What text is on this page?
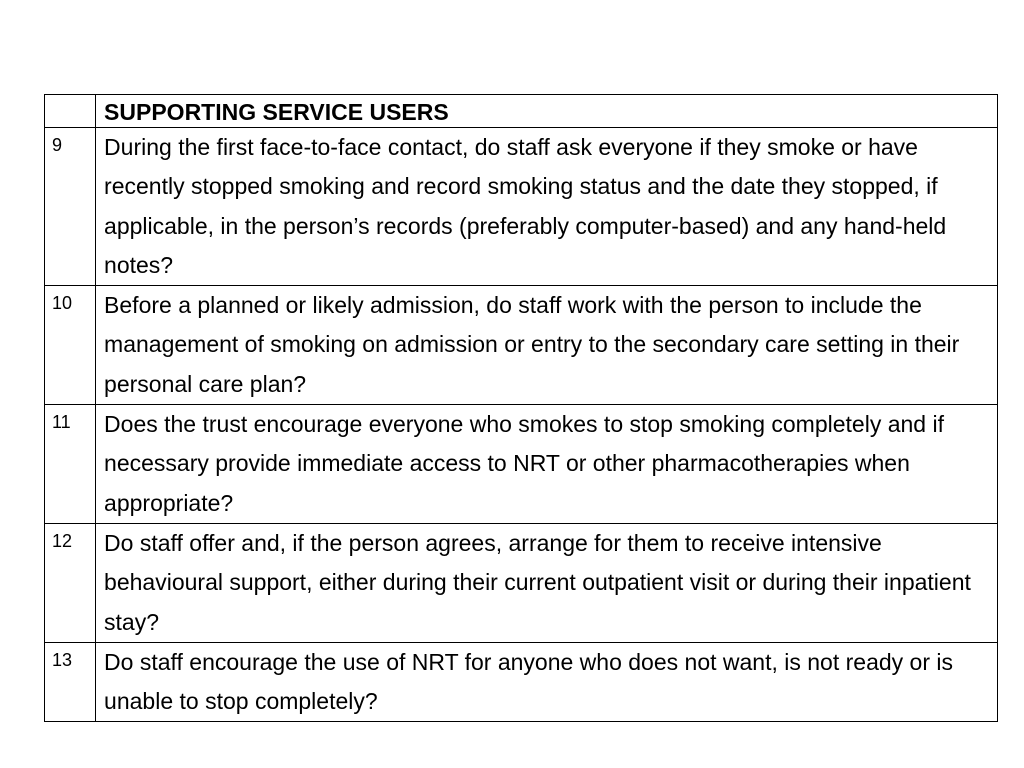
	SUPPORTING SERVICE USERS
9	During the first face-to-face contact, do staff ask everyone if they smoke or have recently stopped smoking and record smoking status and the date they stopped, if applicable, in the person’s records (preferably computer-based) and any hand-held notes?
10	Before a planned or likely admission, do staff work with the person to include the management of smoking on admission or entry to the secondary care setting in their personal care plan?
11	Does the trust encourage everyone who smokes to stop smoking completely and if necessary provide immediate access to NRT or other pharmacotherapies when appropriate?
12	Do staff offer and, if the person agrees, arrange for them to receive intensive behavioural support, either during their current outpatient visit or during their inpatient stay?
13	Do staff encourage the use of NRT for anyone who does not want, is not ready or is unable to stop completely?
